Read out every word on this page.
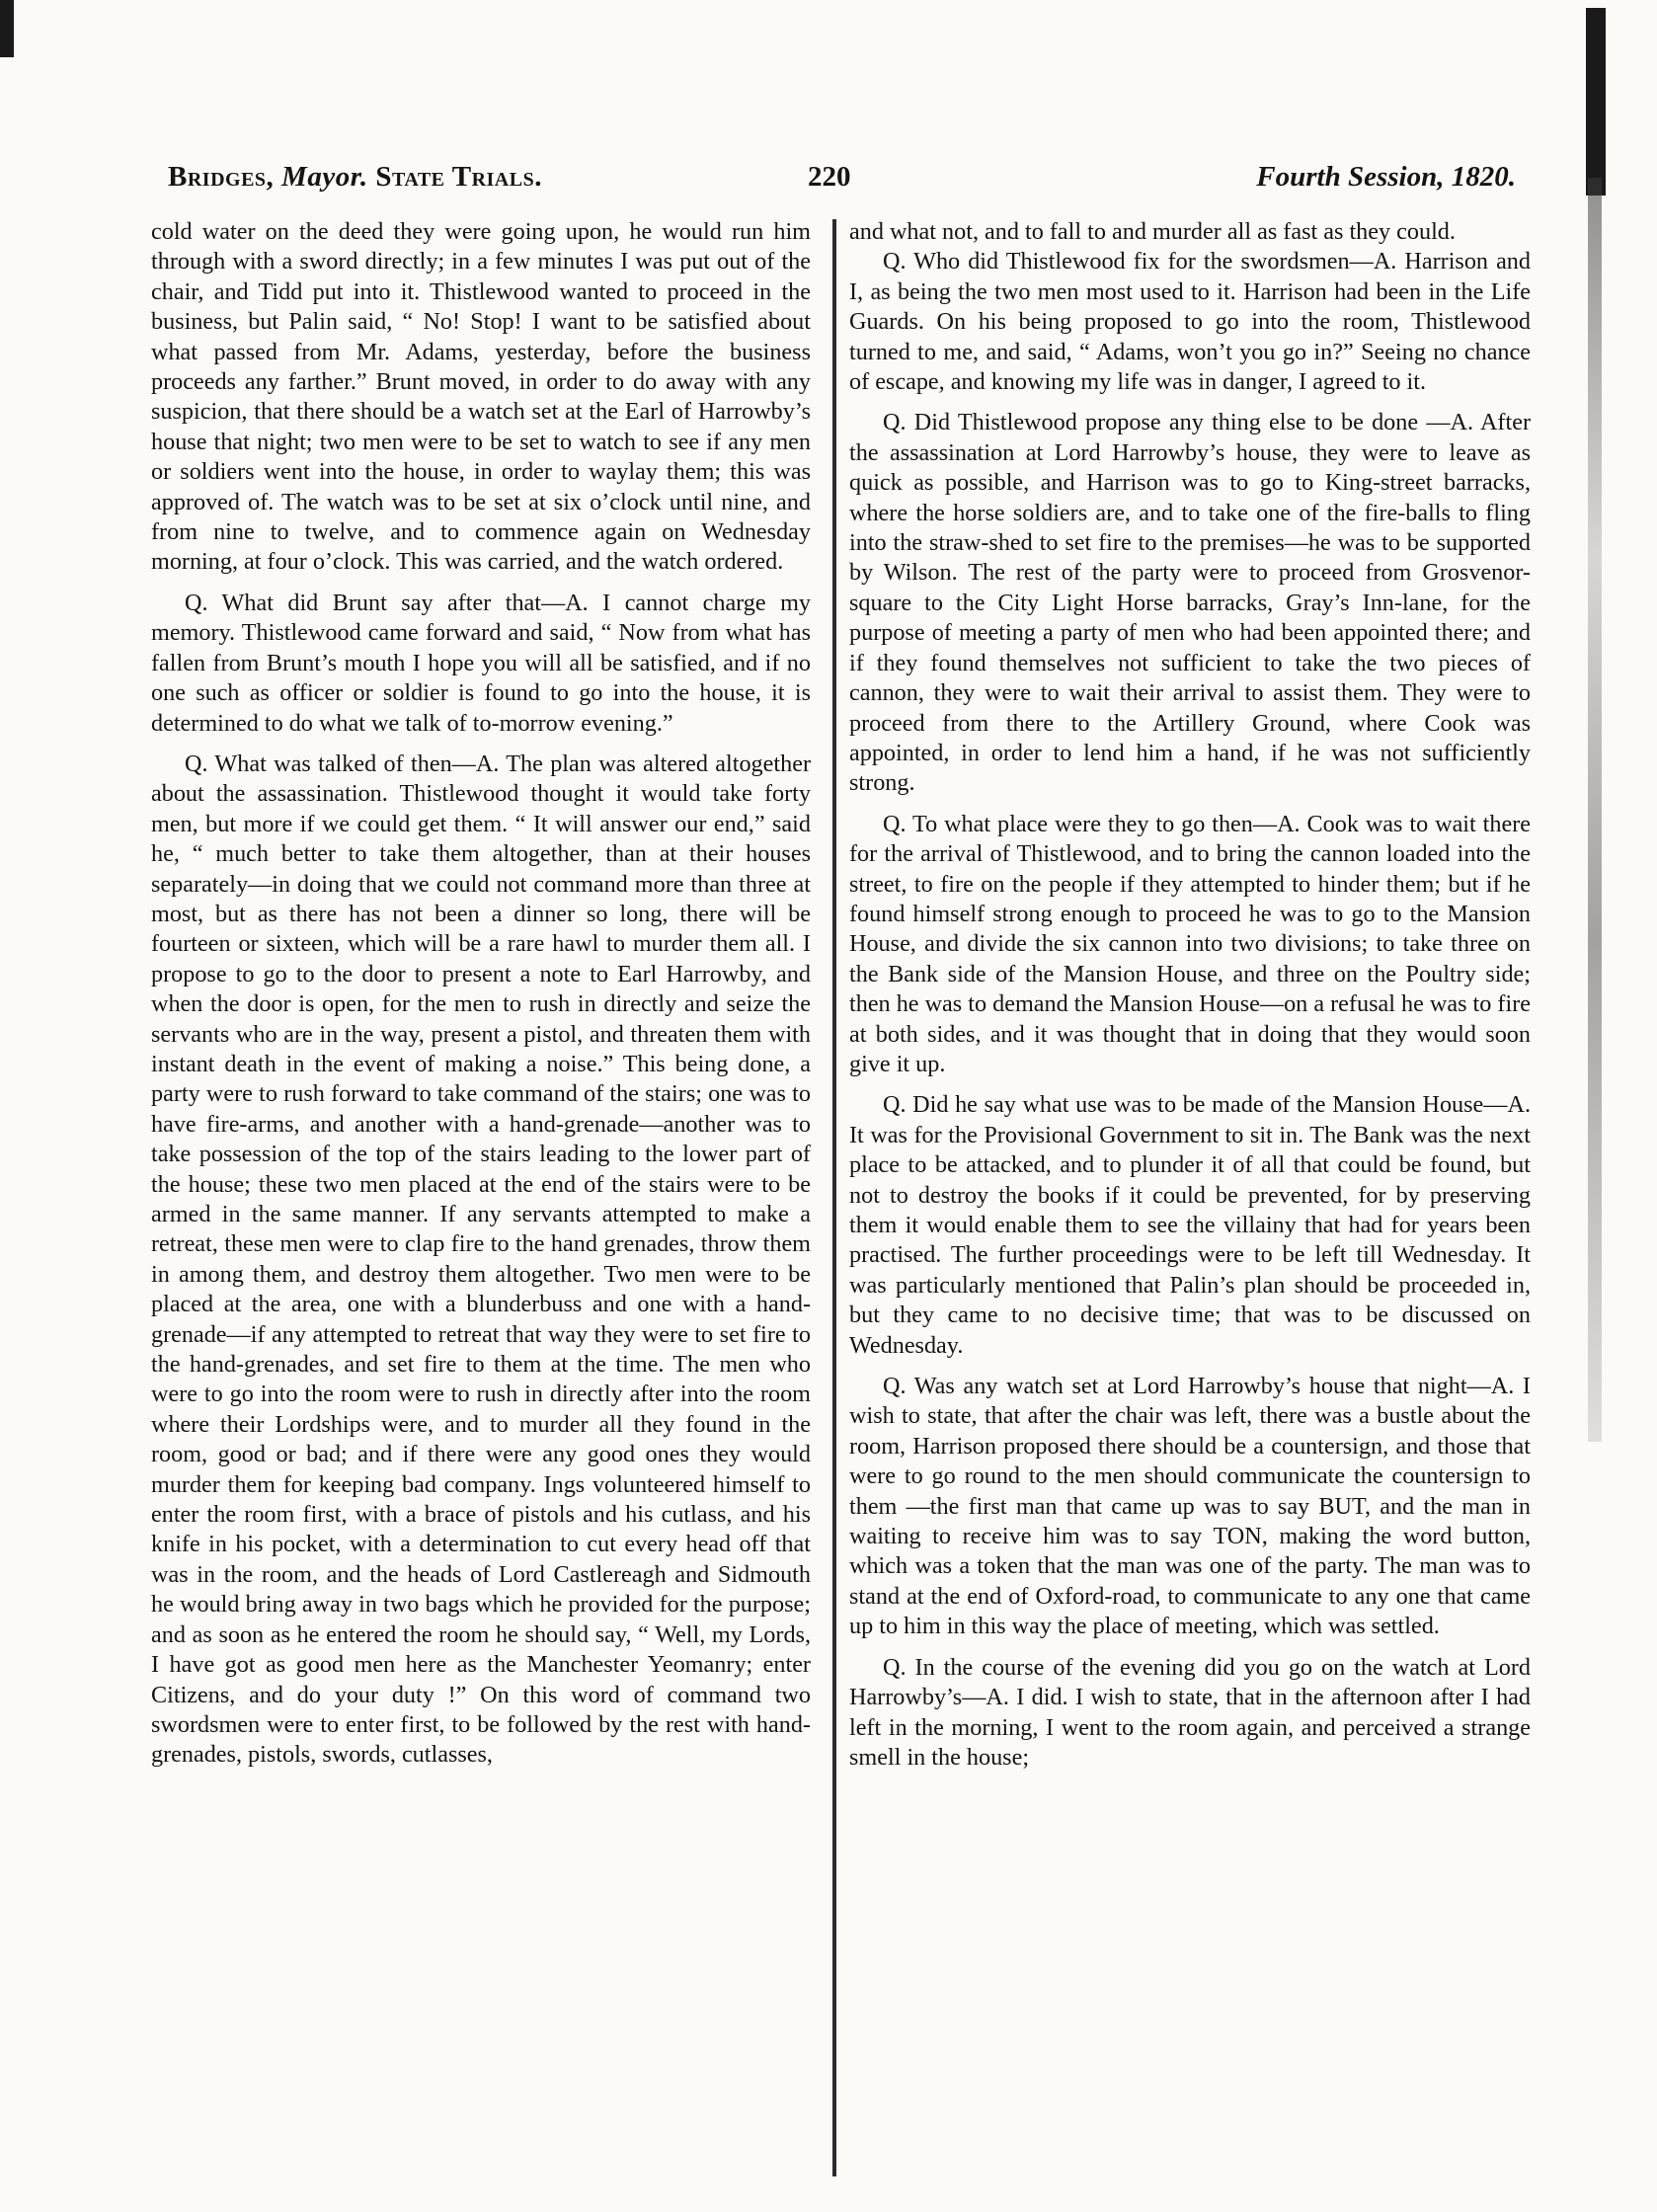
Bridges, Mayor. State Trials.	220	Fourth Session, 1820.

cold water on the deed they were going upon, he would run him through with a sword directly; in a few minutes I was put out of the chair, and Tidd put into it. Thistlewood wanted to proceed in the business, but Palin said, “ No! Stop! I want to be satisfied about what passed from Mr. Adams, yesterday, before the business proceeds any farther.” Brunt moved, in order to do away with any suspicion, that there should be a watch set at the Earl of Harrowby’s house that night; two men were to be set to watch to see if any men or soldiers went into the house, in order to waylay them; this was approved of. The watch was to be set at six o’clock until nine, and from nine to twelve, and to commence again on Wednesday morning, at four o’clock. This was carried, and the watch ordered.

Q. What did Brunt say after that—A. I cannot charge my memory. Thistlewood came forward and said, “ Now from what has fallen from Brunt’s mouth I hope you will all be satisfied, and if no one such as officer or soldier is found to go into the house, it is determined to do what we talk of to-morrow evening.”

Q. What was talked of then—A. The plan was altered altogether about the assassination. Thistlewood thought it would take forty men, but more if we could get them. “ It will answer our end,” said he, “ much better to take them altogether, than at their houses separately—in doing that we could not command more than three at most, but as there has not been a dinner so long, there will be fourteen or sixteen, which will be a rare hawl to murder them all. I propose to go to the door to present a note to Earl Harrowby, and when the door is open, for the men to rush in directly and seize the servants who are in the way, present a pistol, and threaten them with instant death in the event of making a noise.” This being done, a party were to rush forward to take command of the stairs; one was to have fire-arms, and another with a hand-grenade—another was to take possession of the top of the stairs leading to the lower part of the house; these two men placed at the end of the stairs were to be armed in the same manner. If any servants attempted to make a retreat, these men were to clap fire to the hand grenades, throw them in among them, and destroy them altogether. Two men were to be placed at the area, one with a blunderbuss and one with a hand-grenade—if any attempted to retreat that way they were to set fire to the hand-grenades, and set fire to them at the time. The men who were to go into the room were to rush in directly after into the room where their Lordships were, and to murder all they found in the room, good or bad; and if there were any good ones they would murder them for keeping bad company. Ings volunteered himself to enter the room first, with a brace of pistols and his cutlass, and his knife in his pocket, with a determination to cut every head off that was in the room, and the heads of Lord Castlereagh and Sidmouth he would bring away in two bags which he provided for the purpose; and as soon as he entered the room he should say, “ Well, my Lords, I have got as good men here as the Manchester Yeomanry; enter Citizens, and do your duty !” On this word of command two swordsmen were to enter first, to be followed by the rest with hand-grenades, pistols, swords, cutlasses,

and what not, and to fall to and murder all as fast as they could.

Q. Who did Thistlewood fix for the swordsmen—A. Harrison and I, as being the two men most used to it. Harrison had been in the Life Guards. On his being proposed to go into the room, Thistlewood turned to me, and said, “ Adams, won’t you go in?” Seeing no chance of escape, and knowing my life was in danger, I agreed to it.

Q. Did Thistlewood propose any thing else to be done —A. After the assassination at Lord Harrowby’s house, they were to leave as quick as possible, and Harrison was to go to King-street barracks, where the horse soldiers are, and to take one of the fire-balls to fling into the straw-shed to set fire to the premises—he was to be supported by Wilson. The rest of the party were to proceed from Grosvenor-square to the City Light Horse barracks, Gray’s Inn-lane, for the purpose of meeting a party of men who had been appointed there; and if they found themselves not sufficient to take the two pieces of cannon, they were to wait their arrival to assist them. They were to proceed from there to the Artillery Ground, where Cook was appointed, in order to lend him a hand, if he was not sufficiently strong.

Q. To what place were they to go then—A. Cook was to wait there for the arrival of Thistlewood, and to bring the cannon loaded into the street, to fire on the people if they attempted to hinder them; but if he found himself strong enough to proceed he was to go to the Mansion House, and divide the six cannon into two divisions; to take three on the Bank side of the Mansion House, and three on the Poultry side; then he was to demand the Mansion House—on a refusal he was to fire at both sides, and it was thought that in doing that they would soon give it up.

Q. Did he say what use was to be made of the Mansion House—A. It was for the Provisional Government to sit in. The Bank was the next place to be attacked, and to plunder it of all that could be found, but not to destroy the books if it could be prevented, for by preserving them it would enable them to see the villainy that had for years been practised. The further proceedings were to be left till Wednesday. It was particularly mentioned that Palin’s plan should be proceeded in, but they came to no decisive time; that was to be discussed on Wednesday.

Q. Was any watch set at Lord Harrowby’s house that night—A. I wish to state, that after the chair was left, there was a bustle about the room, Harrison proposed there should be a countersign, and those that were to go round to the men should communicate the countersign to them —the first man that came up was to say BUT, and the man in waiting to receive him was to say TON, making the word button, which was a token that the man was one of the party. The man was to stand at the end of Oxford-road, to communicate to any one that came up to him in this way the place of meeting, which was settled.

Q. In the course of the evening did you go on the watch at Lord Harrowby’s—A. I did. I wish to state, that in the afternoon after I had left in the morning, I went to the room again, and perceived a strange smell in the house;
